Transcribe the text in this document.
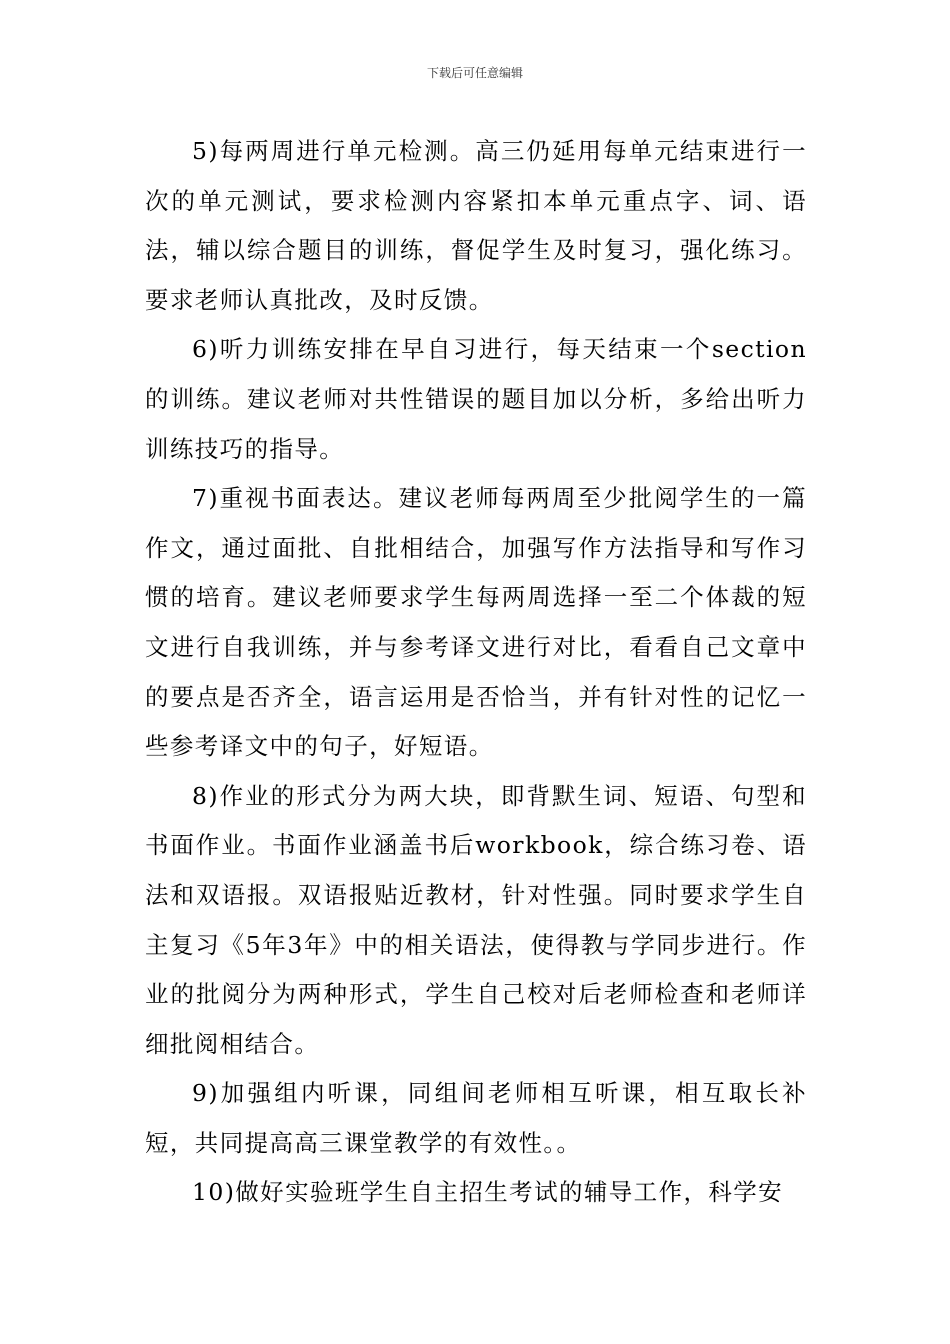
下载后可任意编辑

5)每两周进行单元检测。高三仍延用每单元结束进行一次的单元测试，要求检测内容紧扣本单元重点字、词、语法，辅以综合题目的训练，督促学生及时复习，强化练习。要求老师认真批改，及时反馈。

6)听力训练安排在早自习进行，每天结束一个section的训练。建议老师对共性错误的题目加以分析，多给出听力训练技巧的指导。

7)重视书面表达。建议老师每两周至少批阅学生的一篇作文，通过面批、自批相结合，加强写作方法指导和写作习惯的培育。建议老师要求学生每两周选择一至二个体裁的短文进行自我训练，并与参考译文进行对比，看看自己文章中的要点是否齐全，语言运用是否恰当，并有针对性的记忆一些参考译文中的句子，好短语。

8)作业的形式分为两大块，即背默生词、短语、句型和书面作业。书面作业涵盖书后workbook，综合练习卷、语法和双语报。双语报贴近教材，针对性强。同时要求学生自主复习《5年3年》中的相关语法，使得教与学同步进行。作业的批阅分为两种形式，学生自己校对后老师检查和老师详细批阅相结合。

9)加强组内听课，同组间老师相互听课，相互取长补短，共同提高高三课堂教学的有效性。。

10)做好实验班学生自主招生考试的辅导工作，科学安
